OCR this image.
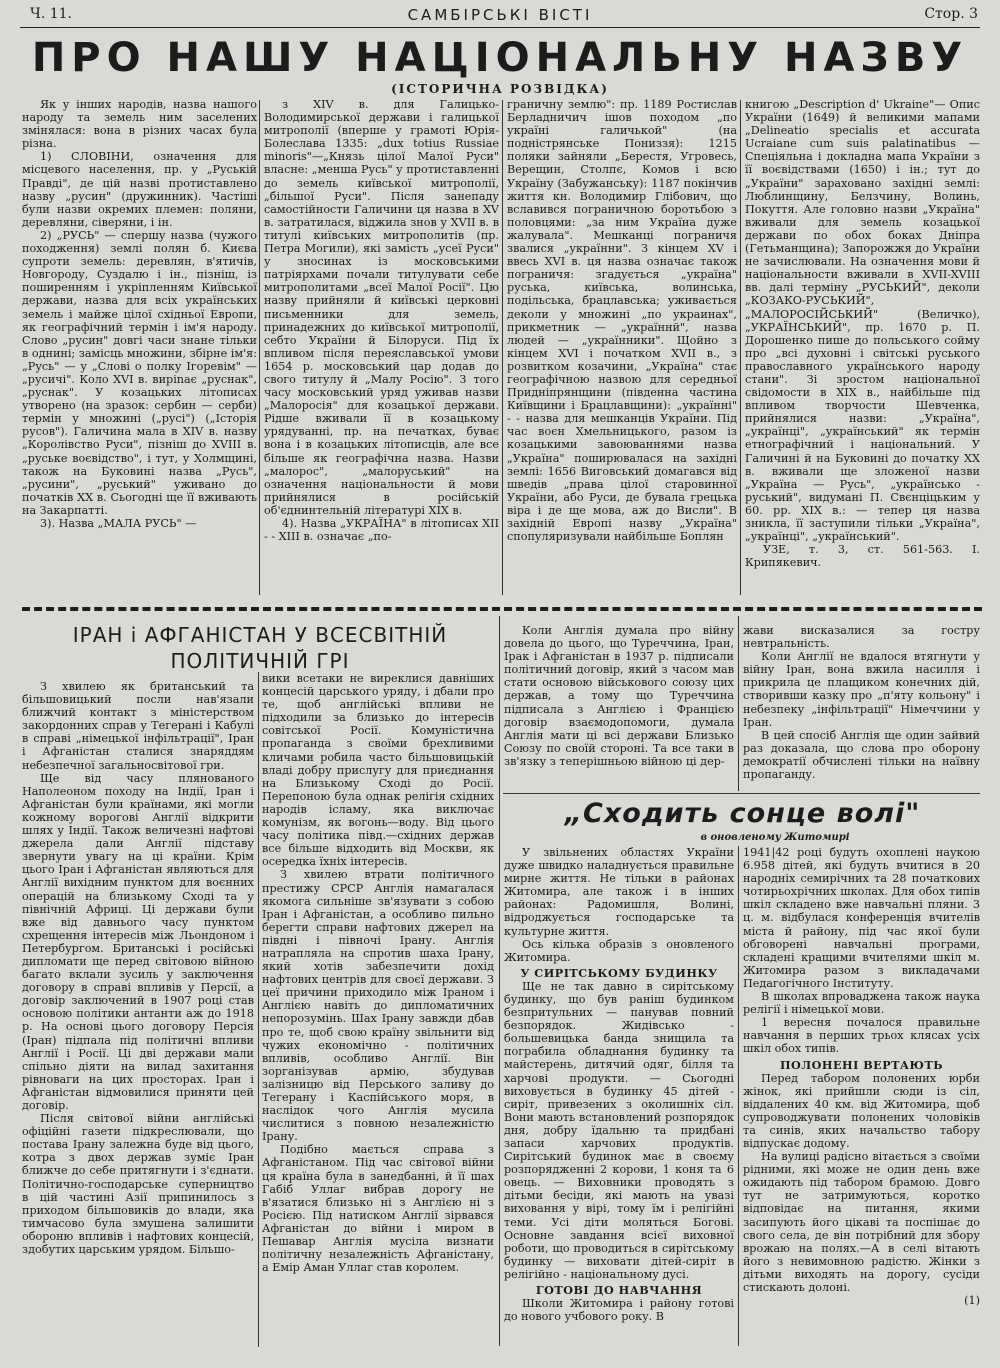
Ч. 11.	САМБІРСЬКІ ВІСТІ	Стор. 3
ПРО НАШУ НАЦІОНАЛЬНУ НАЗВУ
(ІСТОРИЧНА РОЗВІДКА)

Як у інших народів, назва нашого народу та земель ним заселених змінялася: вона в різних часах була різна.

1) СЛОВІНИ, означення для місцевого населення, пр. у „Руській Правді", де цій назві протиставлено назву „русин" (дружинник). Частіші були назви окремих племен: поляни, деревляни, сіверяни, і ін.

2) „РУСЬ" — спершу назва (чужого походження) землі полян б. Києва супроти земель: деревлян, в'ятичів, Новгороду, Суздалю і ін., пізніш, із поширенням і укріпленням Київської держави, назва для всіх українських земель і майже цілої східньої Европи, як географічний термін і ім'я народу. Слово „русин" довгі часи знане тільки в однині; замісць множини, збірне ім'я: „Русь" — у „Слові о полку Ігоревім" — „русичі". Коло XVI в. вирinaє „руснак", „руснак". У козацьких літописах утворено (на зразок: сербин — серби) термін у множині („русі") („Історія русов"). Галичина мала в XIV в. назву „Королівство Руси", пізніш до XVIII в. „руське воєвідство", і тут, у Холмщині, також на Буковині назва „Русь", „русини", „руський" уживано до початків XX в. Сьогодні ще її вживають на Закарпатті.

3). Назва „МАЛА РУСЬ" —

з XIV в. для Галицько-Володимирської держави і галицької митрополії (вперше у грамоті Юрія-Болеслава 1335: „dux totius Russiae minoris"—„Князь цілої Малої Руси" власне: „менша Русь" у протиставленні до земель київської митрополії, „більшої Руси". Після занепаду самостійности Галичини ця назва в XV в. затратилася, віджила знов у XVII в. в титулі київських митрополитів (пр. Петра Могили), які замість „усеї Руси" у зносинах із московськими патріярхами почали титулувати себе митрополитами „всеї Малої Росії". Цю назву прийняли й київські церковні письменники для земель, принадежних до київської митрополії, себто України й Білоруси. Під їх впливом після переяславської умови 1654 р. московський цар додав до свого титулу й „Малу Росію". З того часу московський уряд уживав назви „Малоросія" для козацької держави. Рідше вживали її в козацькому урядуванні, пр. на печатках, буває вона і в козацьких літописців, але все більше як географічна назва. Назви „малорос", „малоруський" на означення національности й мови прийнялися в російській об'єднинтельній літературі XIX в.

4). Назва „УКРАЇНА" в літописах XII - - XIII в. означає „по-

граничну землю": пр. 1189 Ростислав Берладничич ішов походом „по україні галичькой" (на подністрянське Пониззя): 1215 поляки зайняли „Берестя, Угровесь, Верещин, Столпє, Комов і всю Україну (Забужанську): 1187 покінчив життя кн. Володимир Глібович, що вславився пограничною боротьбою з половцями: „за ним Україна дуже жалувала". Мешканці пограничя звалися „українни". З кінцем XV і ввесь XVI в. ця назва означає також пограничя: згадується „україна" руська, київська, волинська, подільська, брацлавська; уживається деколи у множині „по украинах", прикметник — „україннй", назва людей — „українники". Щойно з кінцем XVI і початком XVII в., з розвитком козачини, „Україна" стає географічною назвою для середньої Придніпрянщини (південна частина Київщини і Брацлавщини): „українні" - - назва для мешканців України. Під час воєн Хмельницького, разом із козацькими завоюваннями назва „Україна" поширювалася на західні землі: 1656 Виговський домагався від шведів „права цілої старовинної України, або Руси, де бувала грецька віра і де ще мова, аж до Висли". В західній Европі назву „Україна" спопуляризували найбільше Боплян

книгою „Description d' Ukraine"— Опис України (1649) й великими мапами „Delineatio specialis et accurata Ucraiane cum suis palatinatibus — Спеціяльна і докладна мапа України з її воєвідствами (1650) і ін.; тут до „України" зараховано західні землі: Люблинщину, Белзчину, Волинь, Покуття. Але головно назви „Україна" вживали для земель козацької держави по обох боках Дніпра (Гетьманщина); Запорожжя до України не зачислювали. На означення мови й національности вживали в XVII-XVIII вв. далі терміну „РУСЬКИЙ", деколи „КОЗАКО-РУСЬКИЙ", „МАЛОРОСІЙСЬКИЙ" (Величко), „УКРАЇНСЬКИЙ", пр. 1670 р. П. Дорошенко пише до польського сойму про „всі духовні і світські руського православного українського народу стани". Зі зростом національної свідомости в XIX в., найбільше під впливом творчости Шевченка, прийнялися назви: „Україна", „українці", „український" як термін етнографічний і національний. У Галичині й на Буковині до початку XX в. вживали ще зложеної назви „Україна — Русь", „українсько - руський", видумані П. Свєнціцьким у 60. рр. XIX в.: — тепер ця назва зникла, її заступили тільки „Україна", „українці", „український".

УЗЕ, т. 3, ст. 561-563. І. Крипякевич.

ІРАН і АФГАНІСТАН У ВСЕСВІТНІЙ
ПОЛІТИЧНІЙ ГРІ

З хвилею як британський та більшовицький посли нав'язали ближчий контакт з міністерством закордонних справ у Тегерані і Кабулі в справі „німецької інфільтрації", Іран і Афганістан сталися знаряддям небезпечної загальносвітової гри.

Ще від часу плянованого Наполеоном походу на Індії, Іран і Афганістан були країнами, які могли кожному ворогові Англії відкрити шлях у Індії. Також величезні нафтові джерела дали Англії підставу звернути увагу на ці країни. Крім цього Іран і Афганістан являються для Англії вихідним пунктом для воєнних операцій на близькому Сході та у північній Африці. Ці держави були вже від давнього часу пунктом схрещення інтересів між Льондоном і Петербургом. Британські і російські дипломати ще перед світовою війною багато вклали зусиль у заключення договору в справі впливів у Персії, а договір заключений в 1907 році став основою політики антанти аж до 1918 р. На основі цього договору Персія (Іран) підпала під політичні впливи Англії і Росії. Ці дві держави мали спільно діяти на вилад захитання рівноваги на цих просторах. Іран і Афганістан відмовилися приняти цей договір.

Після світової війни англійські офіційні газети підкреслювали, що поставa Ірану залежна буде від цього, котра з двох держав зуміє Іран ближче до себе притягнути і з'єднати. Політично-господарське суперництво в цій частині Азії припинилось з приходом більшовиків до влади, яка тимчасово була змушена залишити обороню впливів і нафтових концесій, здобутих царським урядом. Більшо-

вики всетаки не вирeклися давніших концесій царського уряду, і дбали про те, щоб англійські впливи не підходили за близько до інтересів совітської Росії. Комуністична пропаганда з своїми брехливими кличами робила часто більшовицькій владі добру прислугу для приєднання на Близькому Сході до Росії. Перепоною була однак релігія східних народів ісламу, яка виключає комунізм, як вогонь—воду. Від цього часу політика півд.—східних держав все більше відходить від Москви, як осередка їхніх інтересів.

З хвилею втрати політичного престижу СРСР Англія намагалася якомога сильніше зв'язувати з собою Іран і Афганістан, а особливо пильно берегти справи нафтових джерел на півдні і півночі Ірану. Англія натраплялa на спротив шаха Ірану, який хотів забезпечити дохід нафтових центрів для своєї держави. З цеї причини приходило між Іраном і Англією навіть до дипломатичних непорозумінь. Шах Ірану завжди дбав про те, щоб свою країну звільнити від чужих економічно - політичних впливів, особливо Англії. Він зорганізував армію, збудував залізницю від Перського заливу до Тегерану і Каспійського моря, в наслідок чого Англія мусила числитися з повною незалежністю Ірану.

Подібно мається справа з Афганістаном. Під час світової війни ця країна була в занедбанні, й її шах Габіб Уллаг вибрав дорогу не в'язатися близько ні з Англією ні з Росією. Під натиском Англії зірвався Афганістан до війни і миром в Пешавар Англія мусіла визнати політичну незалежність Афганістану, а Емір Аман Уллаг став королем.

Коли Англія думала про війну довела до цього, що Туреччина, Іран, Ірак і Афганістан в 1937 р. підписали політичний договір, який з часом мав стати основою військового союзу цих держав, а тому що Туреччина підписала з Англією і Францією договір взаємодопомоги, думала Англія мати ці всі держави Близько Союзу по своїй стороні. Та все таки в зв'язку з теперішньою війною ці дер-

жави висказалися за гостру невтральність.

Коли Англії не вдалося втягнути у війну Іран, вона вжила насилля і прикрила це плащиком конечних дій, створивши казку про „п'яту кольону" і небезпеку „інфільтрації" Німеччини у Іран.

В цей спосіб Англія ще один зайвий раз доказала, що слова про оборону демократії обчислені тільки на наївну пропаганду.

„Сходить сонце волі"
в оновленому Житомирі

У звільнених областях України дуже швидко наладнується правильне мирне життя. Не тільки в районах Житомира, але також і в інших районах: Радомишля, Волині, відроджується господарське та культурне життя.

Ось кілька образів з оновленого Житомира.

У СИРІТСЬКОМУ БУДИНКУ

Ще не так давно в сирітському будинку, що був раніш будинком безпритульних — панував повний безпорядок. Жидівсько - большевицька банда знищила та пограбила обладнання будинку та майстерень, дитячий одяг, білля та харчові продукти. — Сьогодні виховується в будинку 45 дітей - сиріт, привезених з околишніх сіл. Вони мають встановлений розпорядок дня, добру їдальню та придбані запаси харчових продуктів. Сирітський будинок має в своєму розпорядженні 2 корови, 1 коня та 6 овець. — Виховники проводять з дітьми бесіди, які мають на увазі виховання у вірі, тому їм і релігійні теми. Усі діти моляться Богові. Основне завдання всієї виховної роботи, що проводиться в сирітському будинку — виховати дітей-сиріт в релігійно - національному дусі.

ГОТОВІ ДО НАВЧАННЯ

Школи Житомира і району готові до нового учбового року. В

1941|42 році будуть охоплені наукою 6.958 дітей, які будуть вчитися в 20 народніх семирічних та 28 початкових чотирьохрічних школах. Для обох типів шкіл складено вже навчальні пляни. 3 ц. м. відбулася конференція вчителів міста й району, під час якої були обговорені навчальні програми, складені кращими вчителями шкіл м. Житомира разом з викладачами Педагогічного Інституту.

В школах впроваджена також наука релігії і німецької мови.

1 вересня почалося правильне навчання в перших трьох клясах усіх шкіл обох типів.

ПОЛОНЕНІ ВЕРТАЮТЬ

Перед табором полонених юрби жінок, які прийшли сюди із сіл, віддалених 40 км. від Житомира, щоб супроводжувати полонених чоловіків та синів, яких начальство табору відпускає додому.

На вулиці радісно вітається з своїми рідними, які може не один день вже ожидають під табором брамою. Довго тут не затримуються, коротко відповідає на питання, якими засипують його цікаві та поспішає до свого села, де він потрібний для збору врожаю на полях.—А в селі вітають його з невимовною радістю. Жінки з дітьми виходять на дорогу, сусіди стискають долоні.

(1)
